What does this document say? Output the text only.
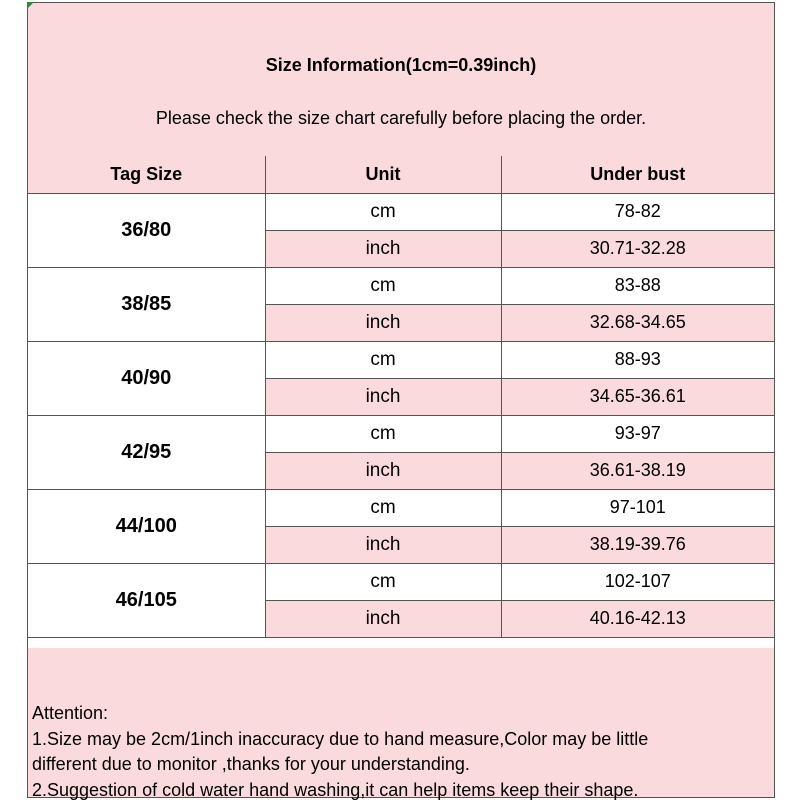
Size Information(1cm=0.39inch)
Please check the size chart carefully before placing the order.
Tag Size	Unit	Under bust
36/80	cm	78-82
	inch	30.71-32.28
38/85	cm	83-88
	inch	32.68-34.65
40/90	cm	88-93
	inch	34.65-36.61
42/95	cm	93-97
	inch	36.61-38.19
44/100	cm	97-101
	inch	38.19-39.76
46/105	cm	102-107
	inch	40.16-42.13
Attention:
1.Size may be 2cm/1inch inaccuracy due to hand measure,Color may be little
different due to monitor ,thanks for your understanding.
2.Suggestion of cold water hand washing,it can help items keep their shape.
